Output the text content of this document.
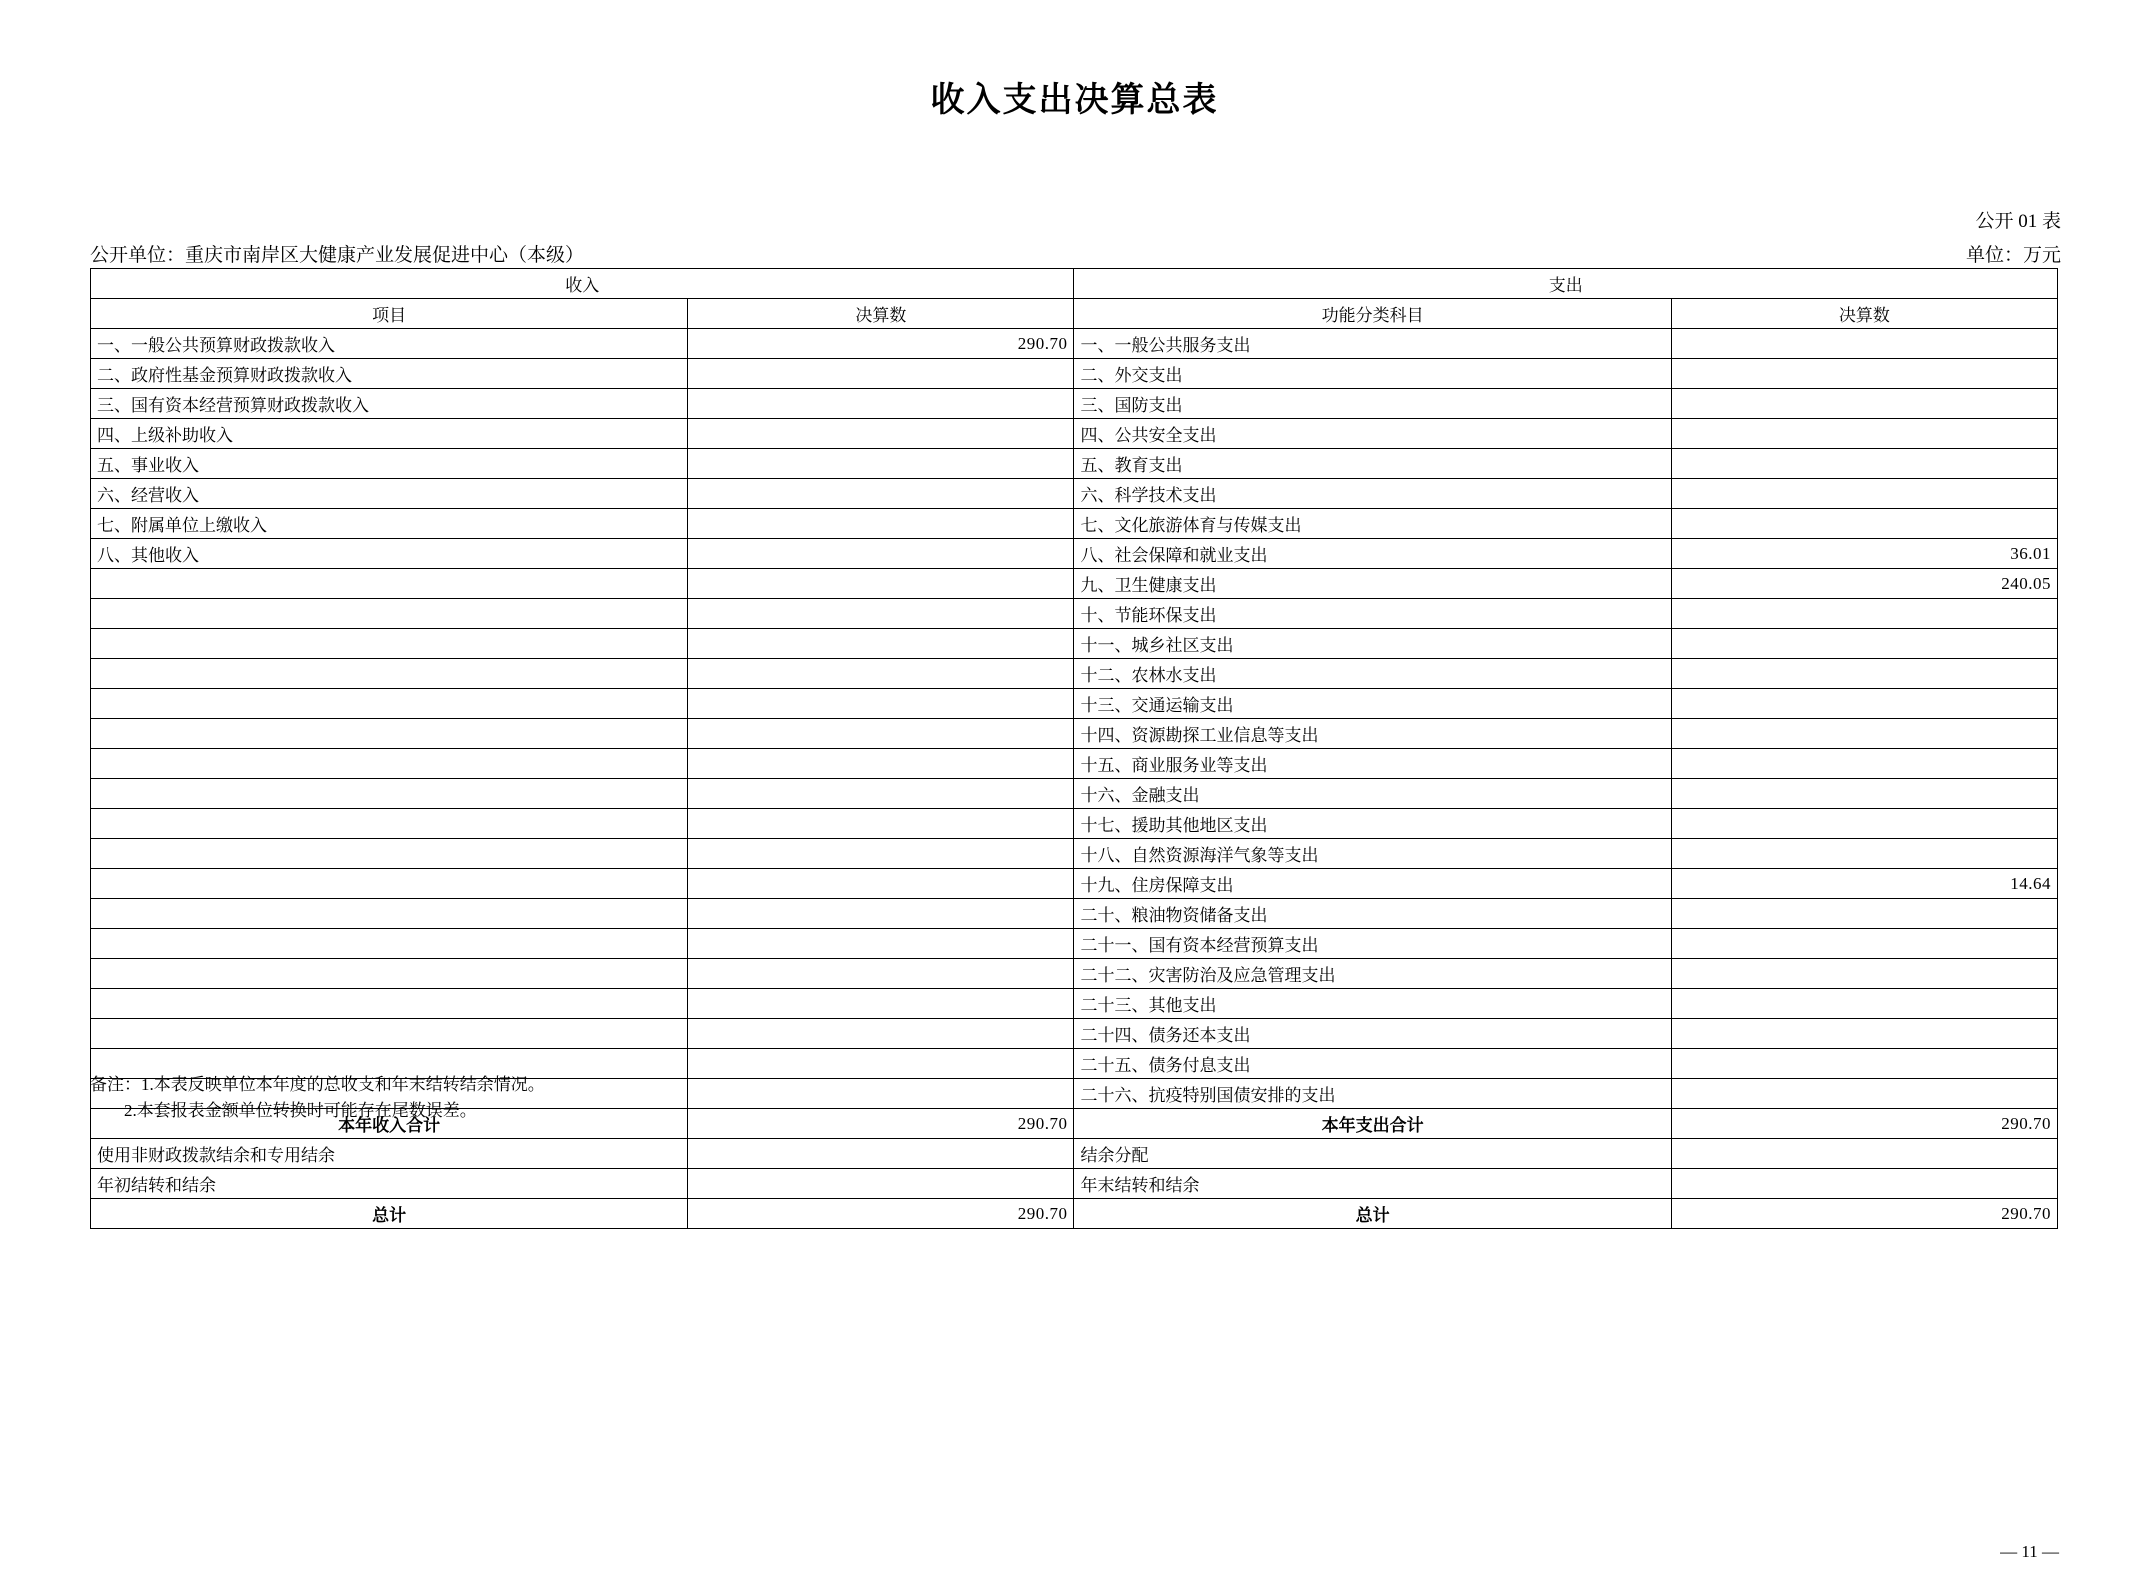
收入支出决算总表
公开 01 表
单位：万元
公开单位：重庆市南岸区大健康产业发展促进中心（本级）
收入		支出	
项目	决算数	功能分类科目	决算数
一、一般公共预算财政拨款收入	290.70	一、一般公共服务支出	
二、政府性基金预算财政拨款收入		二、外交支出	
三、国有资本经营预算财政拨款收入		三、国防支出	
四、上级补助收入		四、公共安全支出	
五、事业收入		五、教育支出	
六、经营收入		六、科学技术支出	
七、附属单位上缴收入		七、文化旅游体育与传媒支出	
八、其他收入		八、社会保障和就业支出	36.01
		九、卫生健康支出	240.05
		十、节能环保支出	
		十一、城乡社区支出	
		十二、农林水支出	
		十三、交通运输支出	
		十四、资源勘探工业信息等支出	
		十五、商业服务业等支出	
		十六、金融支出	
		十七、援助其他地区支出	
		十八、自然资源海洋气象等支出	
		十九、住房保障支出	14.64
		二十、粮油物资储备支出	
		二十一、国有资本经营预算支出	
		二十二、灾害防治及应急管理支出	
		二十三、其他支出	
		二十四、债务还本支出	
		二十五、债务付息支出	
		二十六、抗疫特别国债安排的支出	
本年收入合计	290.70	本年支出合计	290.70
使用非财政拨款结余和专用结余		结余分配	
年初结转和结余		年末结转和结余	
总计	290.70	总计	290.70
备注：1.本表反映单位本年度的总收支和年末结转结余情况。
2.本套报表金额单位转换时可能存在尾数误差。
— 11 —
